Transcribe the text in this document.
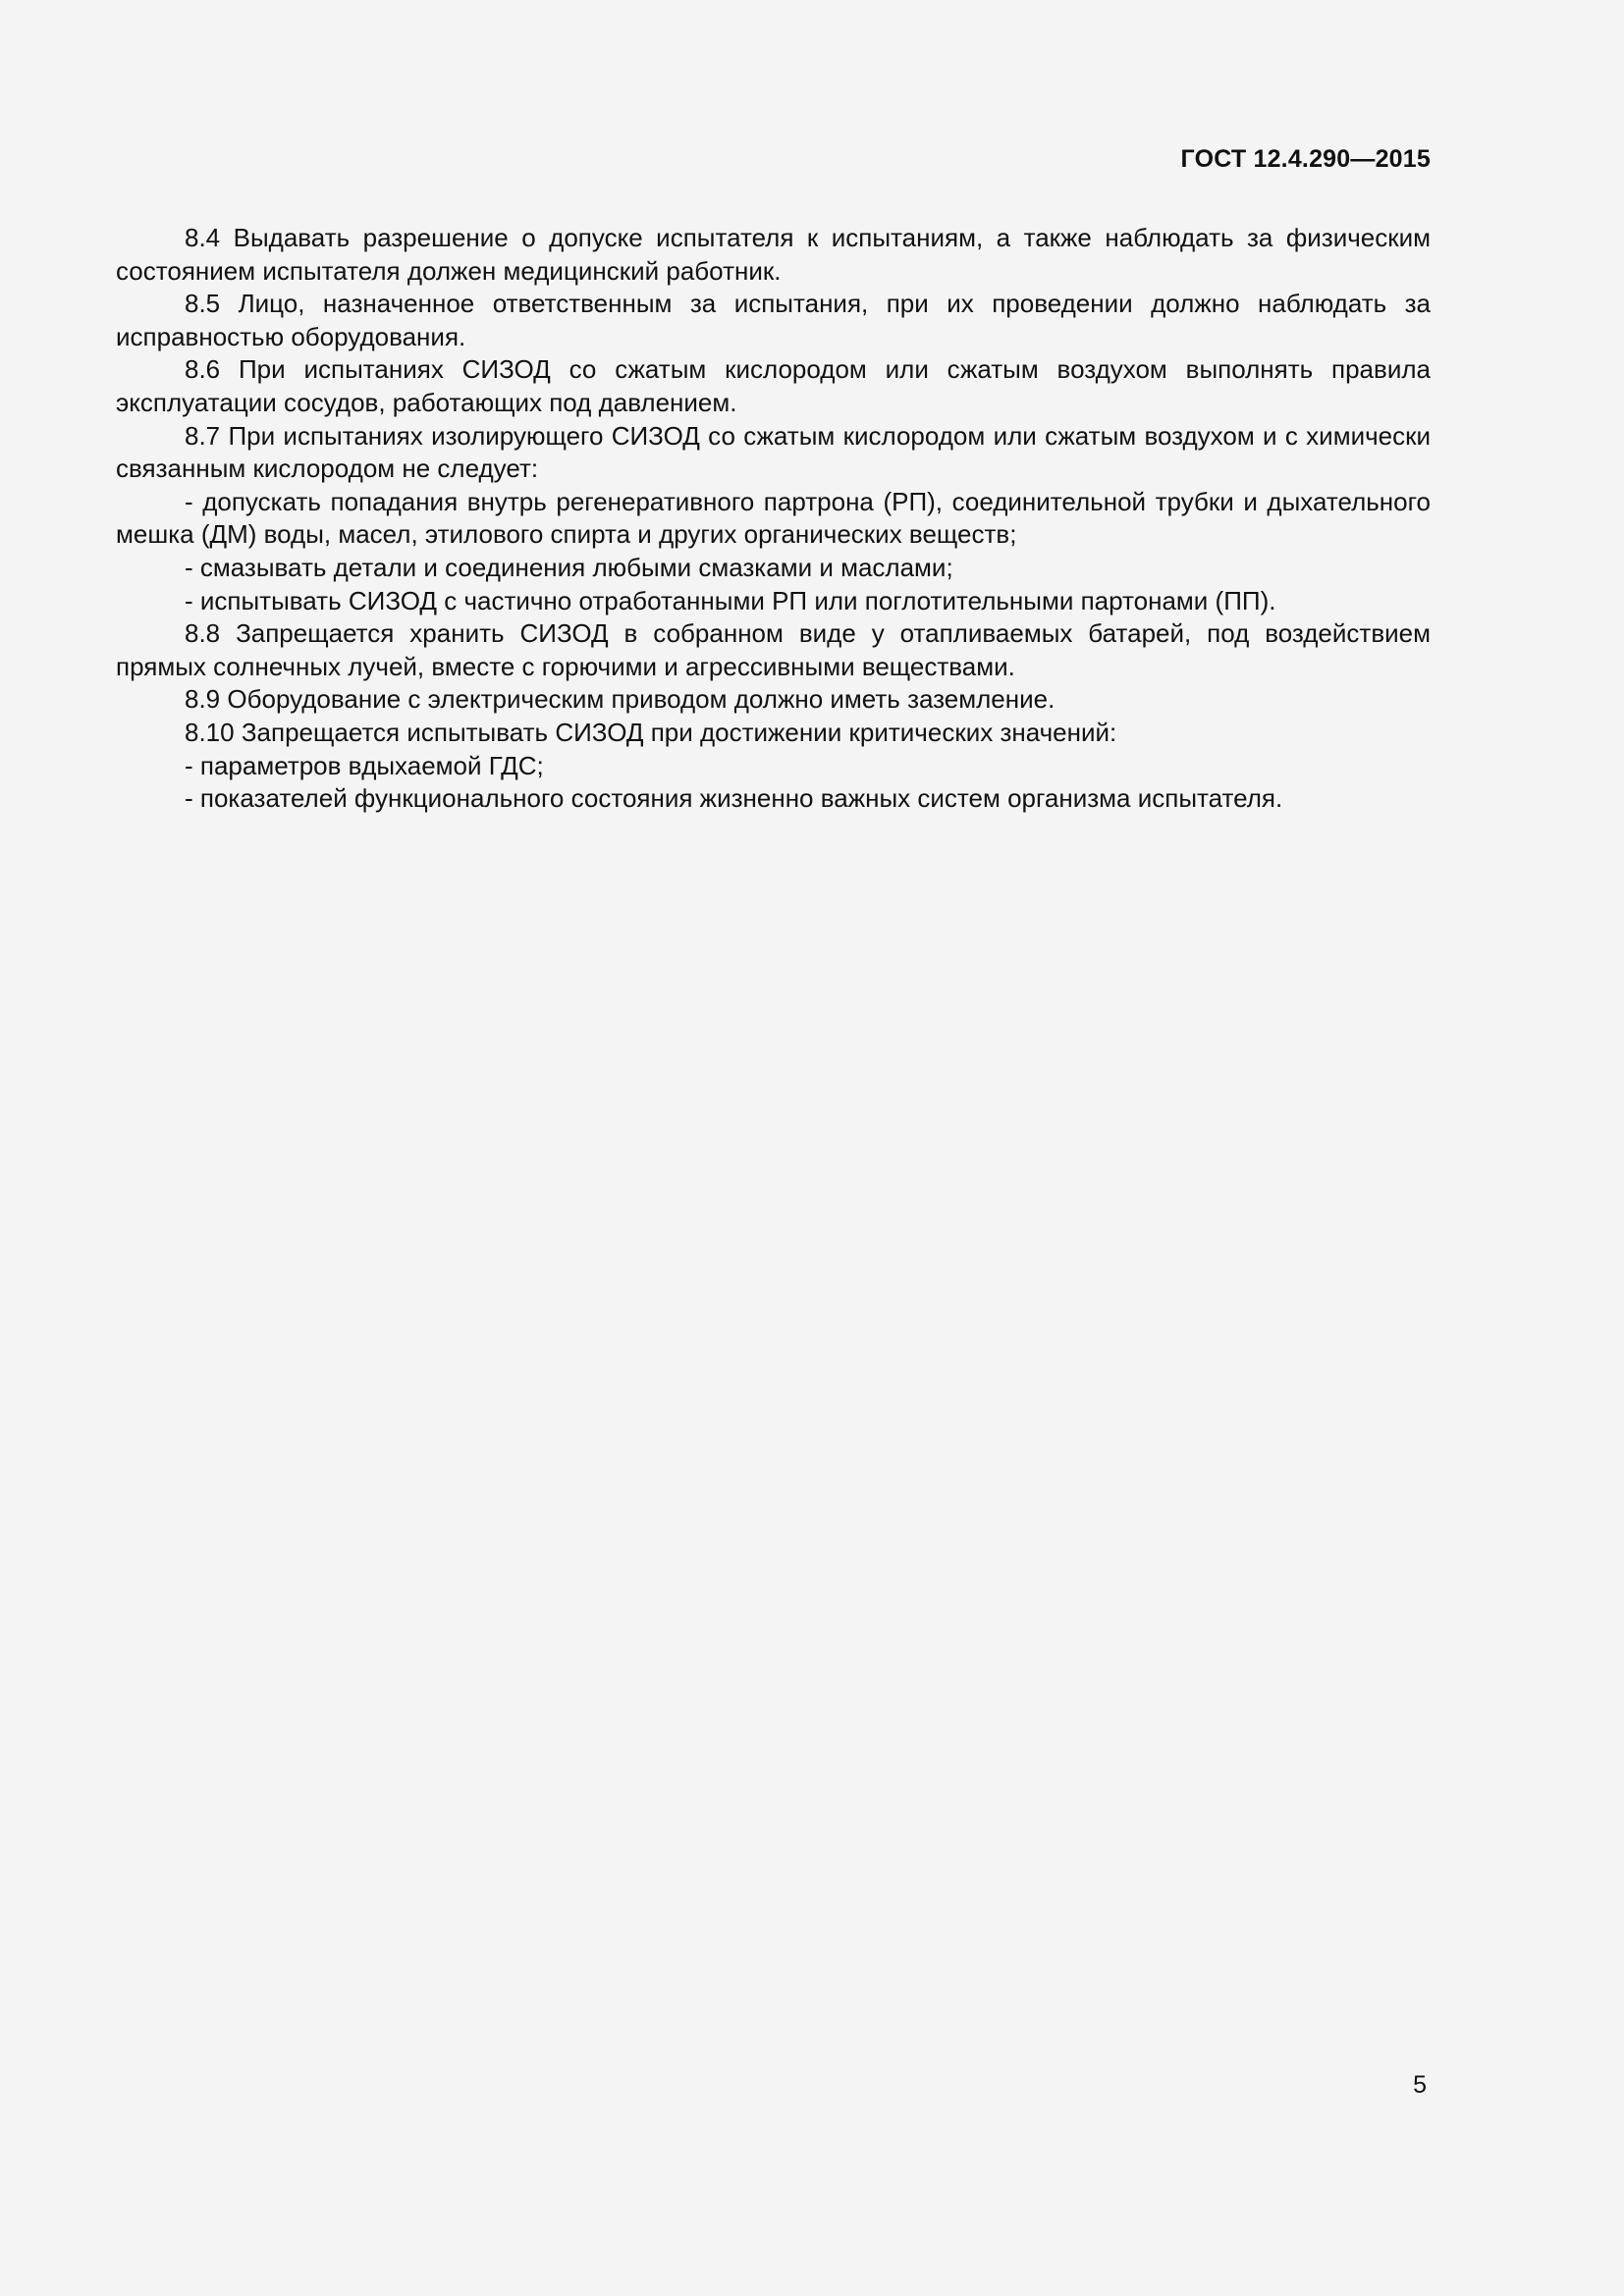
ГОСТ 12.4.290—2015

8.4 Выдавать разрешение о допуске испытателя к испытаниям, а также наблюдать за физическим состоянием испытателя должен медицинский работник.

8.5 Лицо, назначенное ответственным за испытания, при их проведении должно наблюдать за исправностью оборудования.

8.6 При испытаниях СИЗОД со сжатым кислородом или сжатым воздухом выполнять правила эксплуатации сосудов, работающих под давлением.

8.7 При испытаниях изолирующего СИЗОД со сжатым кислородом или сжатым воздухом и с химически связанным кислородом не следует:

- допускать попадания внутрь регенеративного партрона (РП), соединительной трубки и дыхательного мешка (ДМ) воды, масел, этилового спирта и других органических веществ;

- смазывать детали и соединения любыми смазками и маслами;

- испытывать СИЗОД с частично отработанными РП или поглотительными партонами (ПП).

8.8 Запрещается хранить СИЗОД в собранном виде у отапливаемых батарей, под воздействием прямых солнечных лучей, вместе с горючими и агрессивными веществами.

8.9 Оборудование с электрическим приводом должно иметь заземление.

8.10 Запрещается испытывать СИЗОД при достижении критических значений:

- параметров вдыхаемой ГДС;

- показателей функционального состояния жизненно важных систем организма испытателя.

5
